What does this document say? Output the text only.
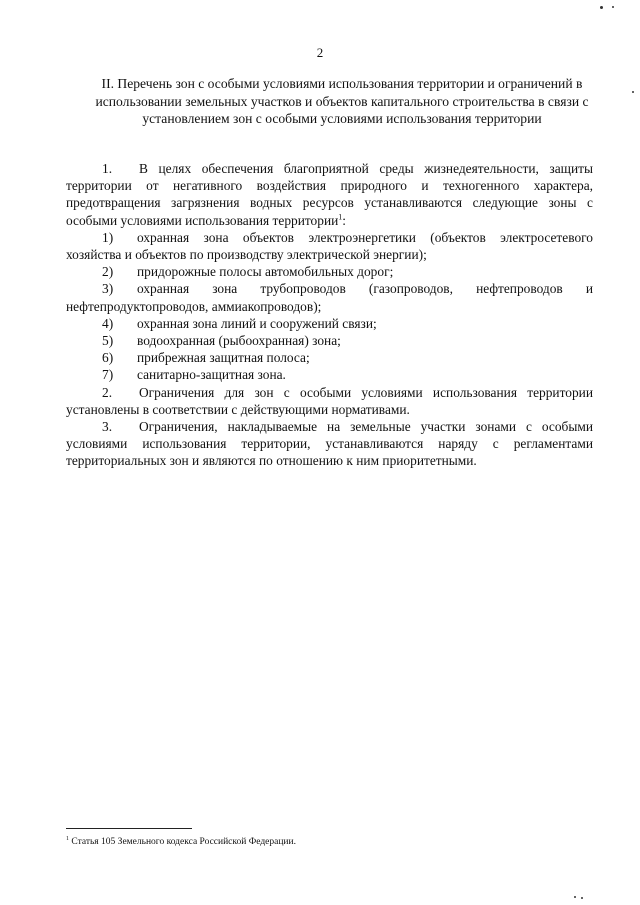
2
II. Перечень зон с особыми условиями использования территории и ограничений в использовании земельных участков и объектов капитального строительства в связи с установлением зон с особыми условиями использования территории

1. В целях обеспечения благоприятной среды жизнедеятельности, защиты территории от негативного воздействия природного и техногенного характера, предотвращения загрязнения водных ресурсов устанавливаются следующие зоны с особыми условиями использования территории$^1$:

1) охранная зона объектов электроэнергетики (объектов электросетевого хозяйства и объектов по производству электрической энергии);

2) придорожные полосы автомобильных дорог;

3) охранная зона трубопроводов (газопроводов, нефтепроводов и нефтепродуктопроводов, аммиакопроводов);

4) охранная зона линий и сооружений связи;

5) водоохранная (рыбоохранная) зона;

6) прибрежная защитная полоса;

7) санитарно-защитная зона.

2. Ограничения для зон с особыми условиями использования территории установлены в соответствии с действующими нормативами.

3. Ограничения, накладываемые на земельные участки зонами с особыми условиями использования территории, устанавливаются наряду с регламентами территориальных зон и являются по отношению к ним приоритетными.

$^1$ Статья 105 Земельного кодекса Российской Федерации.
